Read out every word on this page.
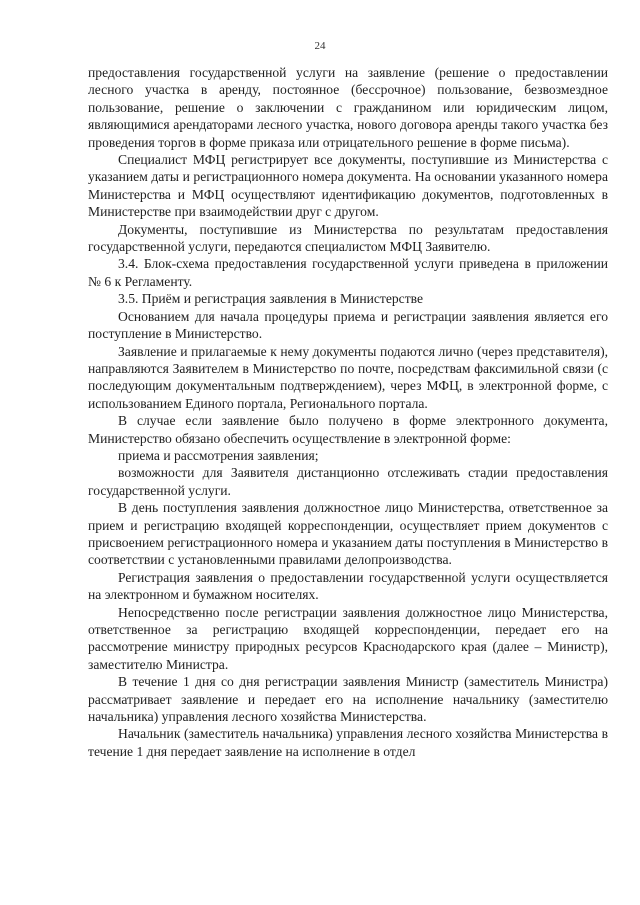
24

предоставления государственной услуги на заявление (решение о предоставлении лесного участка в аренду, постоянное (бессрочное) пользование, безвозмездное пользование, решение о заключении с гражданином или юридическим лицом, являющимися арендаторами лесного участка, нового договора аренды такого участка без проведения торгов в форме приказа или отрицательного решение в форме письма).

Специалист МФЦ регистрирует все документы, поступившие из Министерства с указанием даты и регистрационного номера документа. На основании указанного номера Министерства и МФЦ осуществляют идентификацию документов, подготовленных в Министерстве при взаимодействии друг с другом.

Документы, поступившие из Министерства по результатам предоставления государственной услуги, передаются специалистом МФЦ Заявителю.

3.4. Блок-схема предоставления государственной услуги приведена в приложении № 6 к Регламенту.

3.5. Приём и регистрация заявления в Министерстве

Основанием для начала процедуры приема и регистрации заявления является его поступление в Министерство.

Заявление и прилагаемые к нему документы подаются лично (через представителя), направляются Заявителем в Министерство по почте, посредствам факсимильной связи (с последующим документальным подтверждением), через МФЦ, в электронной форме, с использованием Единого портала, Регионального портала.

В случае если заявление было получено в форме электронного документа, Министерство обязано обеспечить осуществление в электронной форме:

приема и рассмотрения заявления;

возможности для Заявителя дистанционно отслеживать стадии предоставления государственной услуги.

В день поступления заявления должностное лицо Министерства, ответственное за прием и регистрацию входящей корреспонденции, осуществляет прием документов с присвоением регистрационного номера и указанием даты поступления в Министерство в соответствии с установленными правилами делопроизводства.

Регистрация заявления о предоставлении государственной услуги осуществляется на электронном и бумажном носителях.

Непосредственно после регистрации заявления должностное лицо Министерства, ответственное за регистрацию входящей корреспонденции, передает его на рассмотрение министру природных ресурсов Краснодарского края (далее – Министр), заместителю Министра.

В течение 1 дня со дня регистрации заявления Министр (заместитель Министра) рассматривает заявление и передает его на исполнение начальнику (заместителю начальника) управления лесного хозяйства Министерства.

Начальник (заместитель начальника) управления лесного хозяйства Министерства в течение 1 дня передает заявление на исполнение в отдел
